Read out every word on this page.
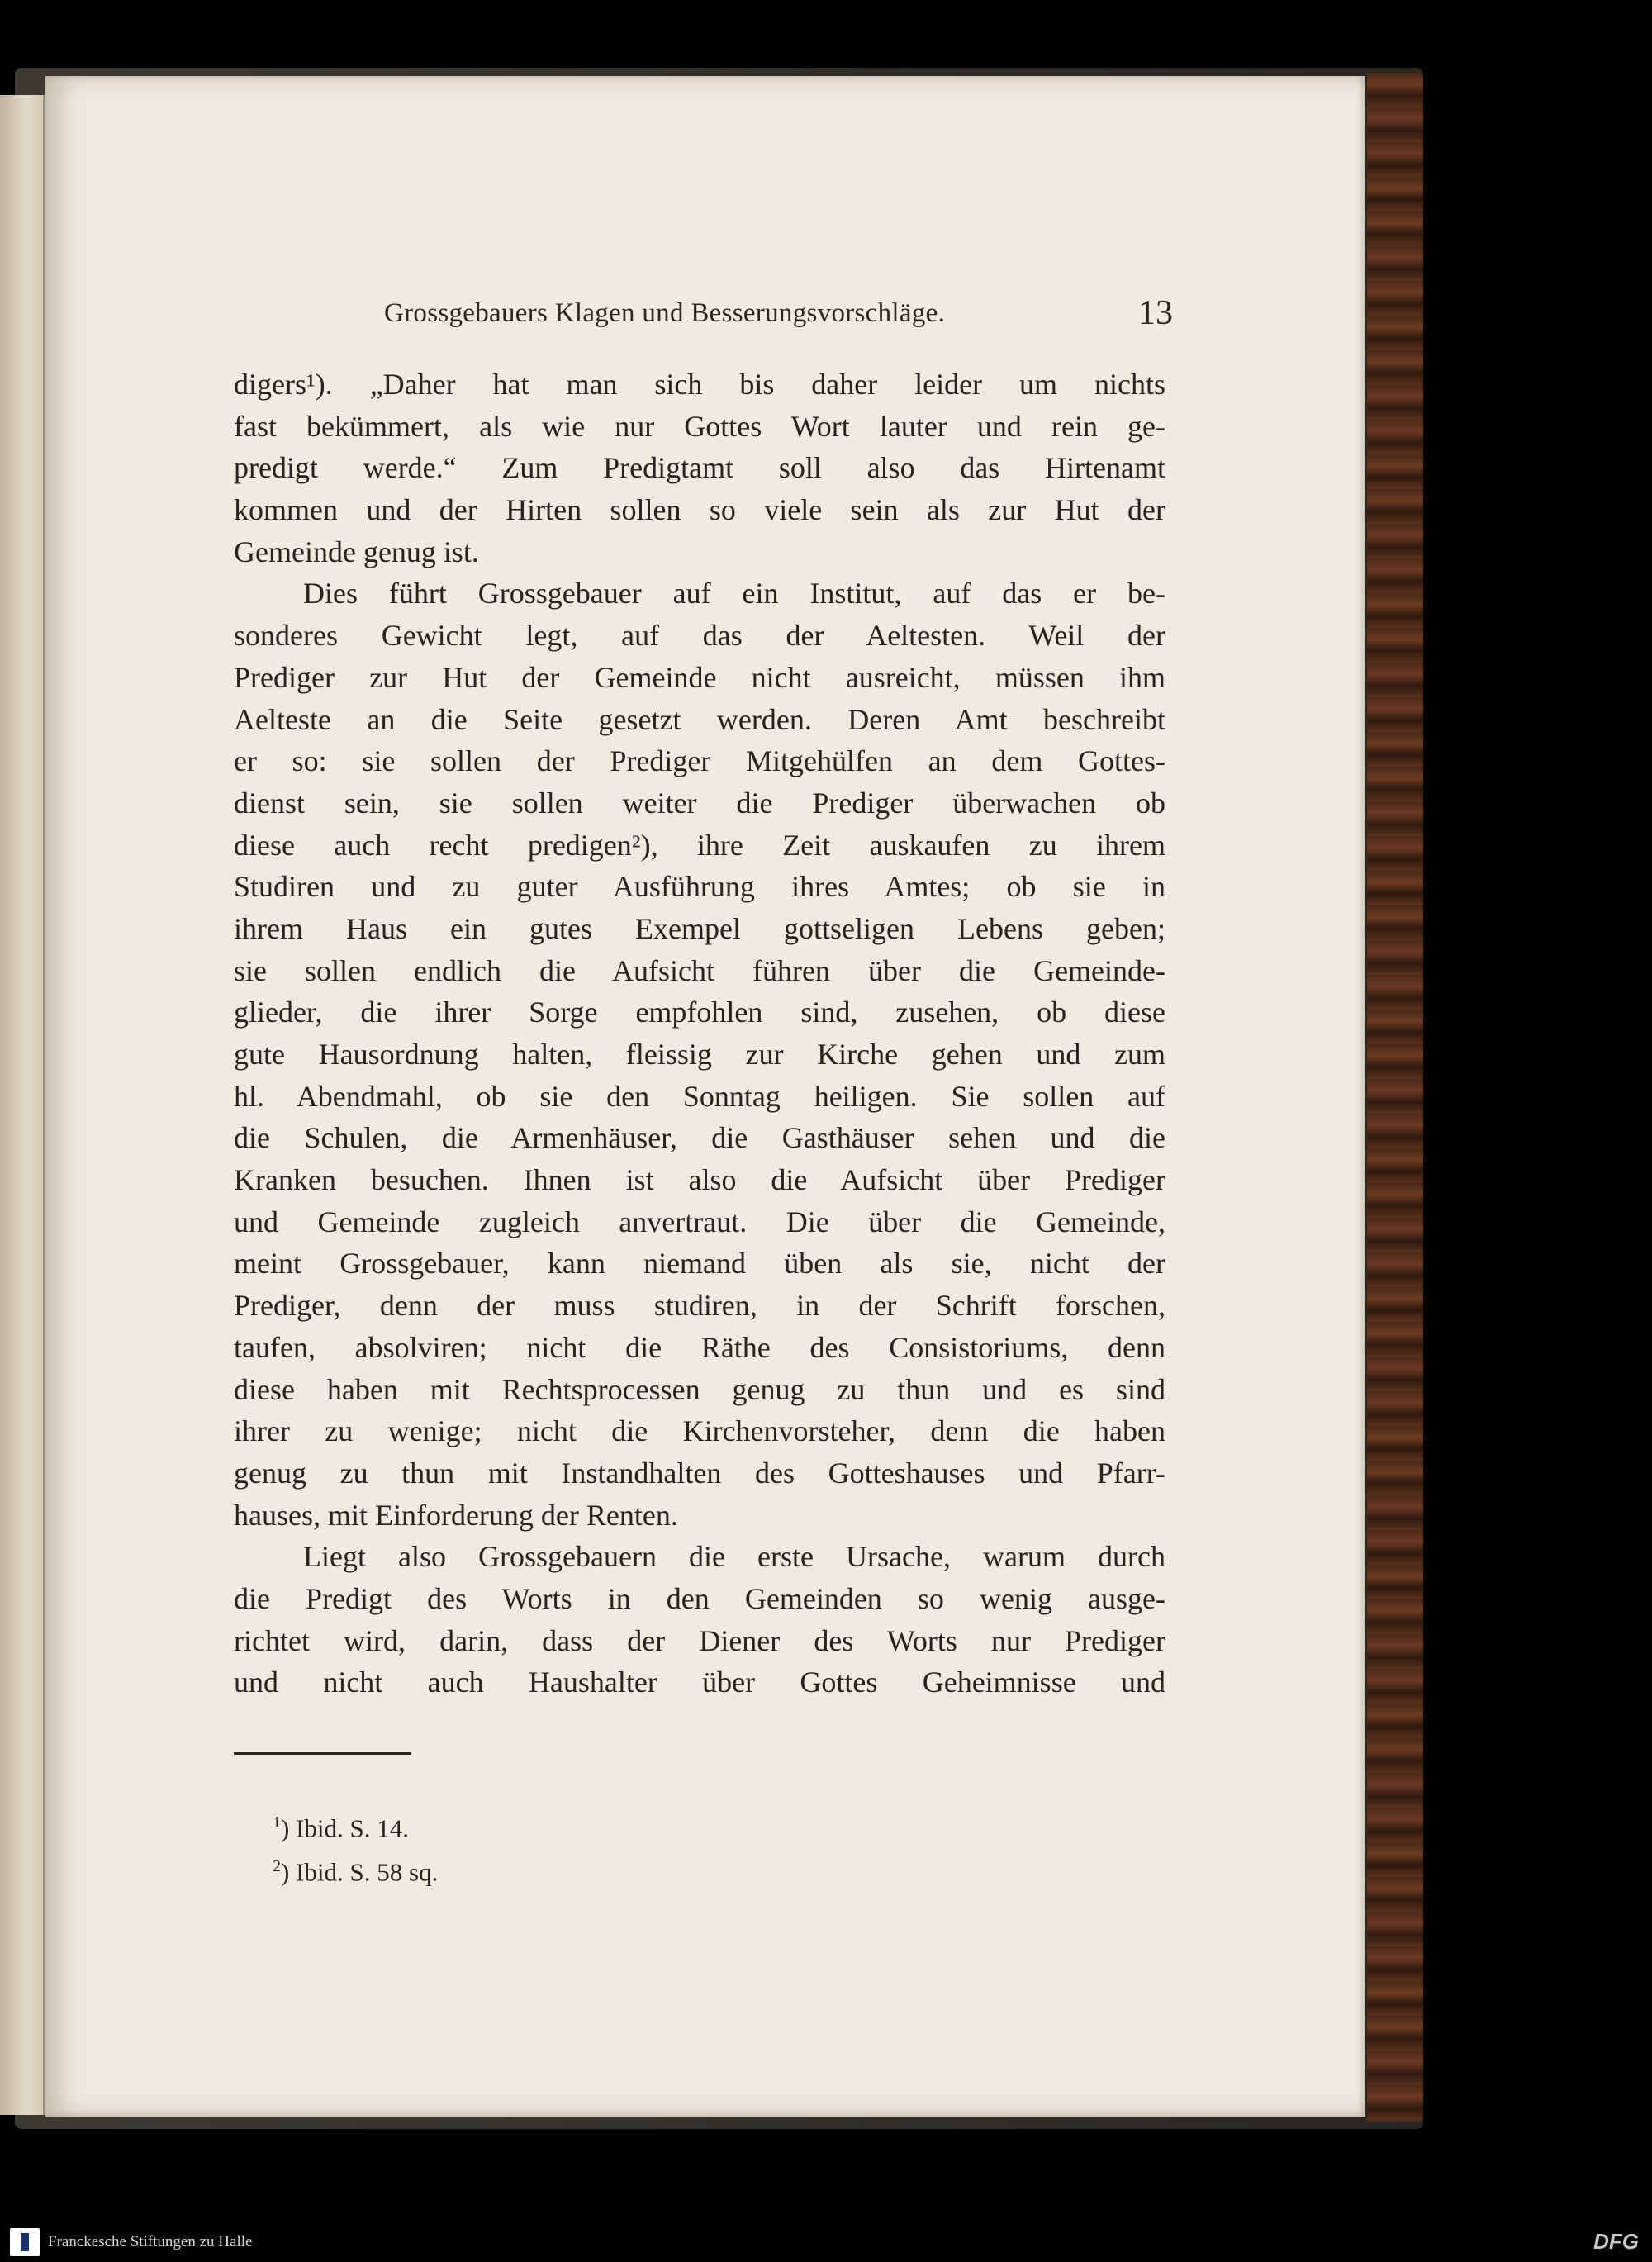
Grossgebauers Klagen und Besserungsvorschläge.	13
digers¹). „Daher hat man sich bis daher leider um nichts
fast bekümmert, als wie nur Gottes Wort lauter und rein ge-
predigt werde.“ Zum Predigtamt soll also das Hirtenamt
kommen und der Hirten sollen so viele sein als zur Hut der
Gemeinde genug ist.
Dies führt Grossgebauer auf ein Institut, auf das er be-
sonderes Gewicht legt, auf das der Aeltesten. Weil der
Prediger zur Hut der Gemeinde nicht ausreicht, müssen ihm
Aelteste an die Seite gesetzt werden. Deren Amt beschreibt
er so: sie sollen der Prediger Mitgehülfen an dem Gottes-
dienst sein, sie sollen weiter die Prediger überwachen ob
diese auch recht predigen²), ihre Zeit auskaufen zu ihrem
Studiren und zu guter Ausführung ihres Amtes; ob sie in
ihrem Haus ein gutes Exempel gottseligen Lebens geben;
sie sollen endlich die Aufsicht führen über die Gemeinde-
glieder, die ihrer Sorge empfohlen sind, zusehen, ob diese
gute Hausordnung halten, fleissig zur Kirche gehen und zum
hl. Abendmahl, ob sie den Sonntag heiligen. Sie sollen auf
die Schulen, die Armenhäuser, die Gasthäuser sehen und die
Kranken besuchen. Ihnen ist also die Aufsicht über Prediger
und Gemeinde zugleich anvertraut. Die über die Gemeinde,
meint Grossgebauer, kann niemand üben als sie, nicht der
Prediger, denn der muss studiren, in der Schrift forschen,
taufen, absolviren; nicht die Räthe des Consistoriums, denn
diese haben mit Rechtsprocessen genug zu thun und es sind
ihrer zu wenige; nicht die Kirchenvorsteher, denn die haben
genug zu thun mit Instandhalten des Gotteshauses und Pfarr-
hauses, mit Einforderung der Renten.
Liegt also Grossgebauern die erste Ursache, warum durch
die Predigt des Worts in den Gemeinden so wenig ausge-
richtet wird, darin, dass der Diener des Worts nur Prediger
und nicht auch Haushalter über Gottes Geheimnisse und
$^1$) Ibid. S. 14.
$^2$) Ibid. S. 58 sq.
Franckesche Stiftungen zu Halle	DFG
